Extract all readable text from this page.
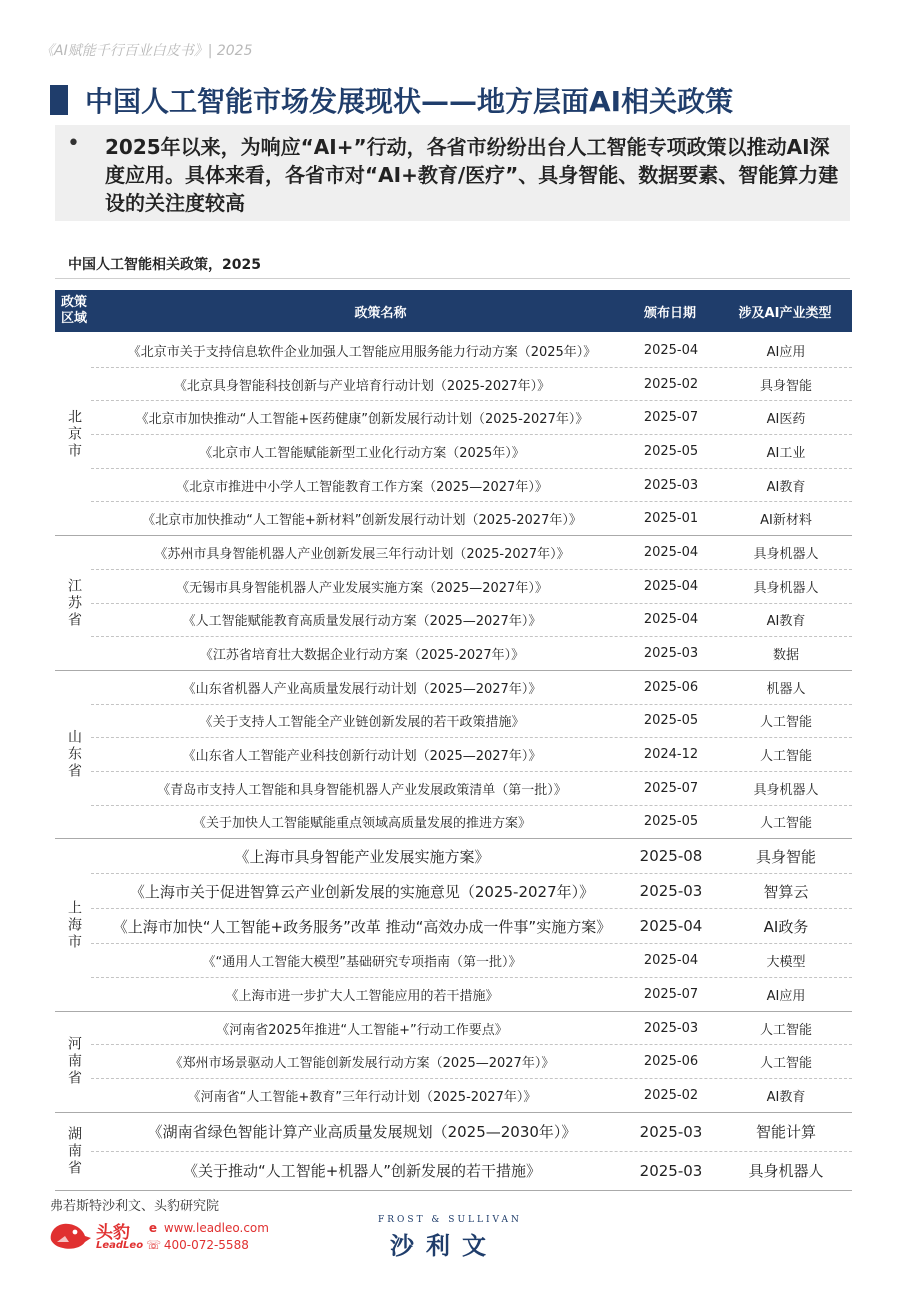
《AI赋能千行百业白皮书》| 2025
中国人工智能市场发展现状——地方层面AI相关政策
• 2025年以来，为响应“AI+”行动，各省市纷纷出台人工智能专项政策以推动AI深度应用。具体来看，各省市对“AI+教育/医疗”、具身智能、数据要素、智能算力建设的关注度较高
中国人工智能相关政策，2025
政策区域	政策名称	颁布日期	涉及AI产业类型
北京市
《北京市关于支持信息软件企业加强人工智能应用服务能力行动方案（2025年）》	2025-04	AI应用
《北京具身智能科技创新与产业培育行动计划（2025-2027年）》	2025-02	具身智能
《北京市加快推动“人工智能+医药健康”创新发展行动计划（2025-2027年）》	2025-07	AI医药
《北京市人工智能赋能新型工业化行动方案（2025年）》	2025-05	AI工业
《北京市推进中小学人工智能教育工作方案（2025—2027年）》	2025-03	AI教育
《北京市加快推动“人工智能+新材料”创新发展行动计划（2025-2027年）》	2025-01	AI新材料
江苏省
《苏州市具身智能机器人产业创新发展三年行动计划（2025-2027年）》	2025-04	具身机器人
《无锡市具身智能机器人产业发展实施方案（2025—2027年）》	2025-04	具身机器人
《人工智能赋能教育高质量发展行动方案（2025—2027年）》	2025-04	AI教育
《江苏省培育壮大数据企业行动方案（2025-2027年）》	2025-03	数据
山东省
《山东省机器人产业高质量发展行动计划（2025—2027年）》	2025-06	机器人
《关于支持人工智能全产业链创新发展的若干政策措施》	2025-05	人工智能
《山东省人工智能产业科技创新行动计划（2025—2027年）》	2024-12	人工智能
《青岛市支持人工智能和具身智能机器人产业发展政策清单（第一批）》	2025-07	具身机器人
《关于加快人工智能赋能重点领域高质量发展的推进方案》	2025-05	人工智能
上海市
《上海市具身智能产业发展实施方案》	2025-08	具身智能
《上海市关于促进智算云产业创新发展的实施意见（2025-2027年）》	2025-03	智算云
《上海市加快“人工智能+政务服务”改革 推动“高效办成一件事”实施方案》	2025-04	AI政务
《“通用人工智能大模型”基础研究专项指南（第一批）》	2025-04	大模型
《上海市进一步扩大人工智能应用的若干措施》	2025-07	AI应用
河南省
《河南省2025年推进“人工智能+”行动工作要点》	2025-03	人工智能
《郑州市场景驱动人工智能创新发展行动方案（2025—2027年）》	2025-06	人工智能
《河南省“人工智能+教育”三年行动计划（2025-2027年）》	2025-02	AI教育
湖南省	《湖南省绿色智能计算产业高质量发展规划（2025—2030年）》	2025-03	智能计算
《关于推动“人工智能+机器人”创新发展的若干措施》	2025-03	具身机器人
弗若斯特沙利文、头豹研究院
头豹
LeadLeo
e www.leadleo.com
☏ 400-072-5588
FROST & SULLIVAN
沙利文
